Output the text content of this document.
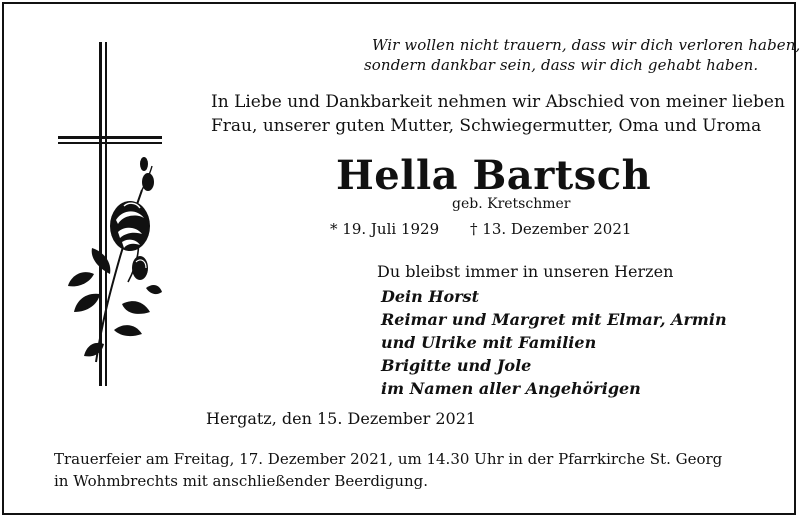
Wir wollen nicht trauern, dass wir dich verloren haben,
sondern dankbar sein, dass wir dich gehabt haben.
In Liebe und Dankbarkeit nehmen wir Abschied von meiner lieben
Frau, unserer guten Mutter, Schwiegermutter, Oma und Uroma
Hella Bartsch
geb. Kretschmer
* 19. Juli 1929 † 13. Dezember 2021
Du bleibst immer in unseren Herzen
Dein Horst
Reimar und Margret mit Elmar, Armin
und Ulrike mit Familien
Brigitte und Jole
im Namen aller Angehörigen
Hergatz, den 15. Dezember 2021
Trauerfeier am Freitag, 17. Dezember 2021, um 14.30 Uhr in der Pfarrkirche St. Georg
in Wohmbrechts mit anschließender Beerdigung.
